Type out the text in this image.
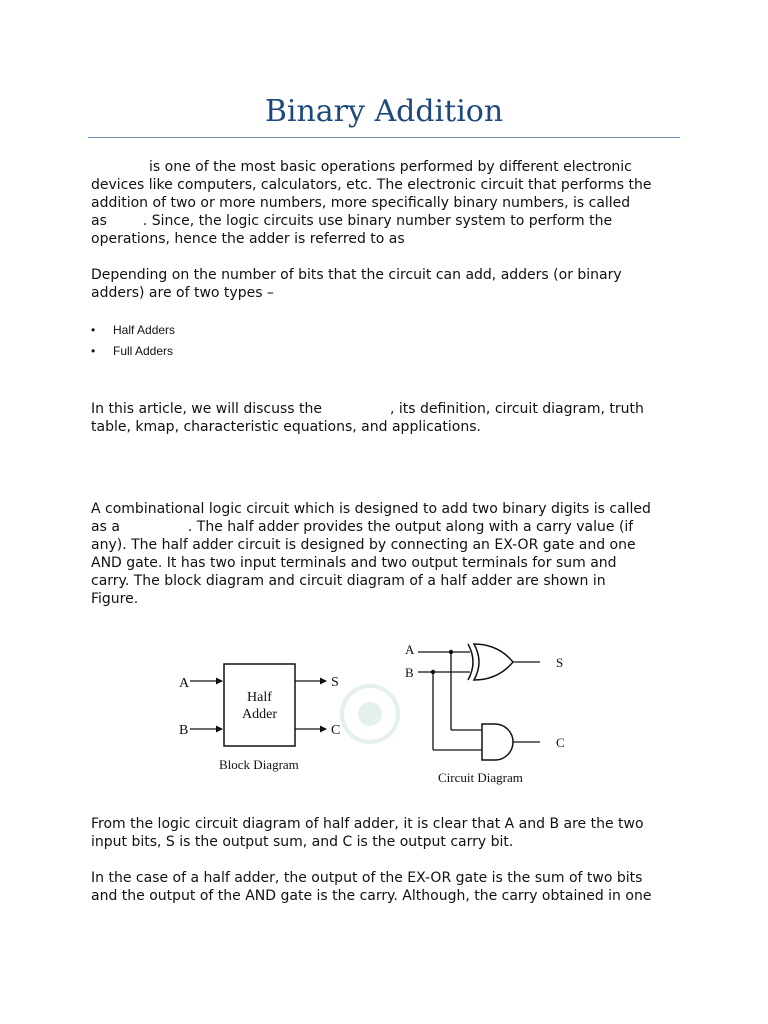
Binary Addition

is one of the most basic operations performed by different electronic
devices like computers, calculators, etc. The electronic circuit that performs the
addition of two or more numbers, more specifically binary numbers, is called
as	. Since, the logic circuits use binary number system to perform the
operations, hence the adder is referred to as

Depending on the number of bits that the circuit can add, adders (or binary
adders) are of two types –

• Half Adders
• Full Adders

In this article, we will discuss the	, its definition, circuit diagram, truth
table, kmap, characteristic equations, and applications.

A combinational logic circuit which is designed to add two binary digits is called
as a	. The half adder provides the output along with a carry value (if
any). The half adder circuit is designed by connecting an EX-OR gate and one
AND gate. It has two input terminals and two output terminals for sum and
carry. The block diagram and circuit diagram of a half adder are shown in
Figure.

A
B
Half
Adder
S
C
Block Diagram
A
B
S
C
Circuit Diagram

From the logic circuit diagram of half adder, it is clear that A and B are the two
input bits, S is the output sum, and C is the output carry bit.

In the case of a half adder, the output of the EX-OR gate is the sum of two bits
and the output of the AND gate is the carry. Although, the carry obtained in one
